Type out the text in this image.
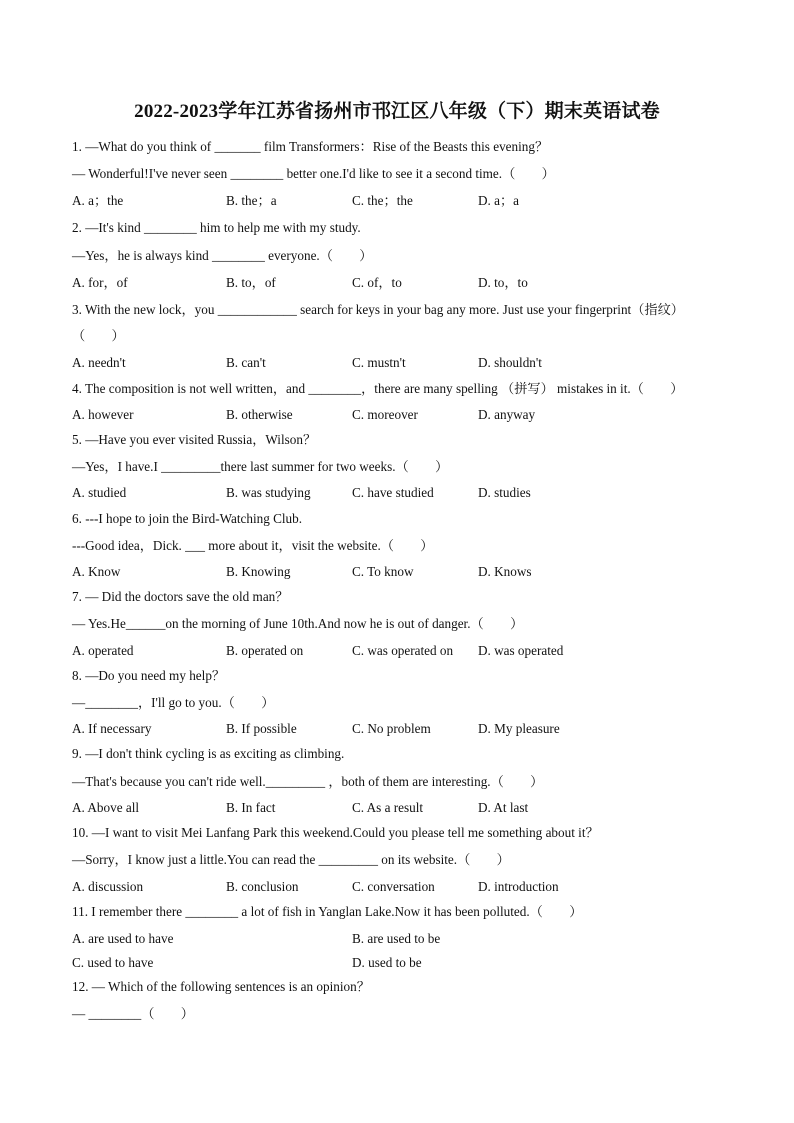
2022-2023学年江苏省扬州市邗江区八年级（下）期末英语试卷
1. —What do you think of _______ film Transformers：Rise of the Beasts this evening？
— Wonderful!I've never seen ________ better one.I'd like to see it a second time.（　　）
A. a；the	B. the；a	C. the；the	D. a；a
2. —It's kind ________ him to help me with my study.
—Yes，he is always kind ________ everyone.（　　）
A. for，of	B. to，of	C. of，to	D. to，to
3. With the new lock，you ____________ search for keys in your bag any more. Just use your fingerprint（指纹）
（　　）
A. needn't	B. can't	C. mustn't	D. shouldn't
4. The composition is not well written，and ________，there are many spelling （拼写） mistakes in it.（　　）
A. however	B. otherwise	C. moreover	D. anyway
5. —Have you ever visited Russia，Wilson？
—Yes，I have.I _________there last summer for two weeks.（　　）
A. studied	B. was studying	C. have studied	D. studies
6. ---I hope to join the Bird-Watching Club.
---Good idea，Dick. ___ more about it，visit the website.（　　）
A. Know	B. Knowing	C. To know	D. Knows
7. — Did the doctors save the old man？
— Yes.He______on the morning of June 10th.And now he is out of danger.（　　）
A. operated	B. operated on	C. was operated on D. was operated
8. —Do you need my help？
—________，I'll go to you.（　　）
A. If necessary	B. If possible	C. No problem	D. My pleasure
9. —I don't think cycling is as exciting as climbing.
—That's because you can't ride well._________ ，both of them are interesting.（　　）
A. Above all	B. In fact	C. As a result	D. At last
10. —I want to visit Mei Lanfang Park this weekend.Could you please tell me something about it？
—Sorry，I know just a little.You can read the _________ on its website.（　　）
A. discussion	B. conclusion	C. conversation	D. introduction
11. I remember there ________ a lot of fish in Yanglan Lake.Now it has been polluted.（　　）
A. are used to have	B. are used to be
C. used to have	D. used to be
12. — Which of the following sentences is an opinion？
— ________（　　）
